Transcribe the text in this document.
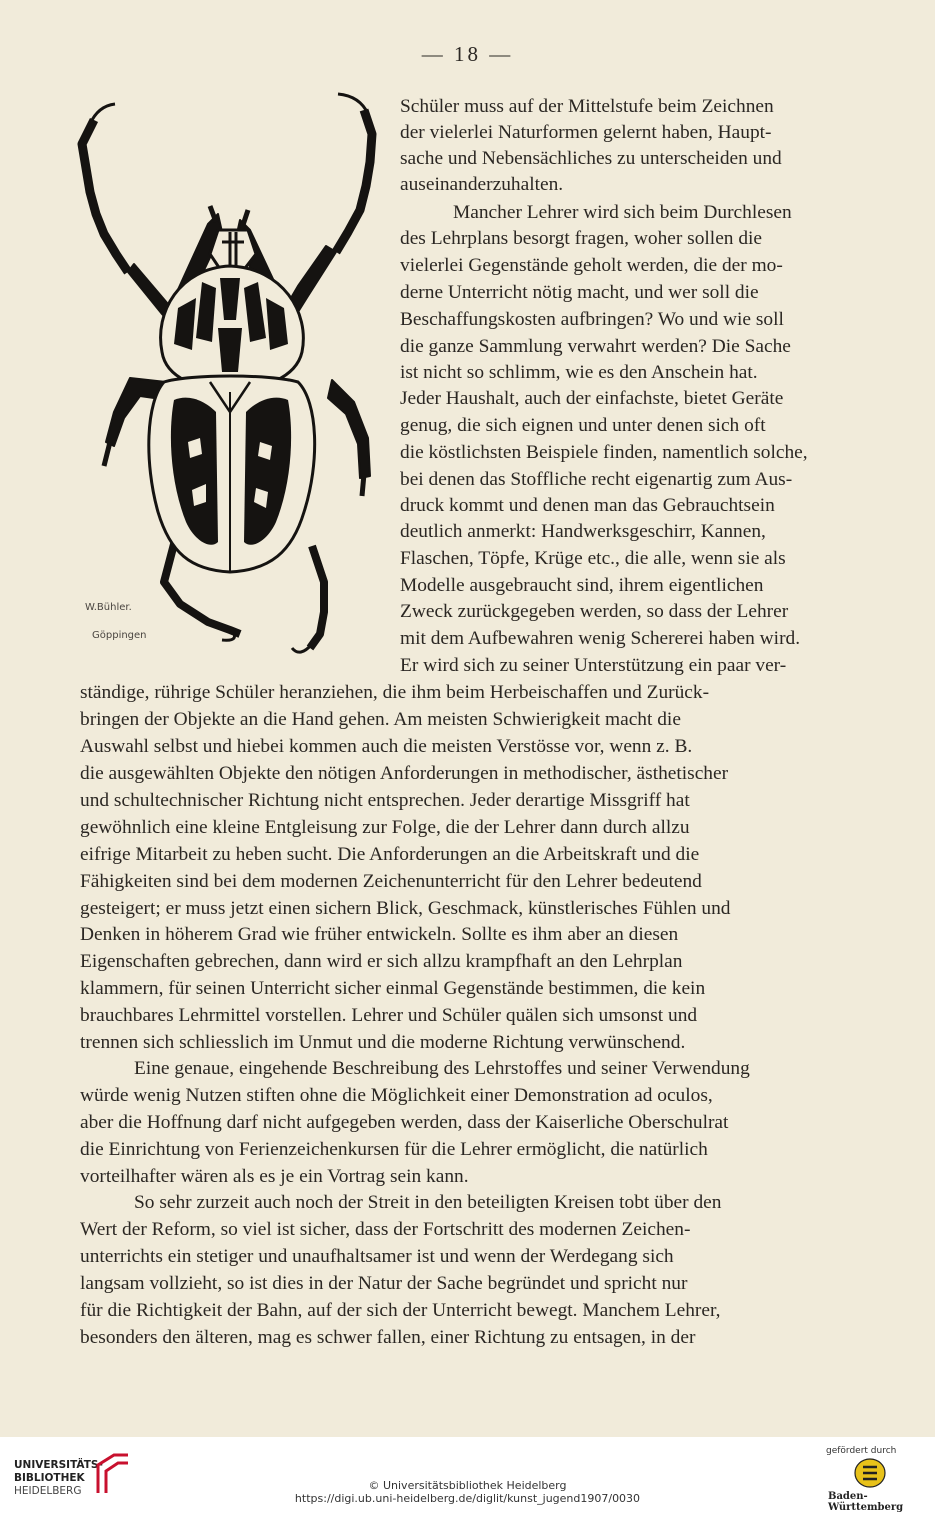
— 18 —
W.Bühler.
Göppingen
Schüler muss auf der Mittelstufe beim Zeichnen
der vielerlei Naturformen gelernt haben, Haupt-
sache und Nebensächliches zu unterscheiden und
auseinanderzuhalten.
Mancher Lehrer wird sich beim Durchlesen
des Lehrplans besorgt fragen, woher sollen die
vielerlei Gegenstände geholt werden, die der mo-
derne Unterricht nötig macht, und wer soll die
Beschaffungskosten aufbringen? Wo und wie soll
die ganze Sammlung verwahrt werden? Die Sache
ist nicht so schlimm, wie es den Anschein hat.
Jeder Haushalt, auch der einfachste, bietet Geräte
genug, die sich eignen und unter denen sich oft
die köstlichsten Beispiele finden, namentlich solche,
bei denen das Stoffliche recht eigenartig zum Aus-
druck kommt und denen man das Gebrauchtsein
deutlich anmerkt: Handwerksgeschirr, Kannen,
Flaschen, Töpfe, Krüge etc., die alle, wenn sie als
Modelle ausgebraucht sind, ihrem eigentlichen
Zweck zurückgegeben werden, so dass der Lehrer
mit dem Aufbewahren wenig Schererei haben wird.
Er wird sich zu seiner Unterstützung ein paar ver-
ständige, rührige Schüler heranziehen, die ihm beim Herbeischaffen und Zurück-
bringen der Objekte an die Hand gehen. Am meisten Schwierigkeit macht die
Auswahl selbst und hiebei kommen auch die meisten Verstösse vor, wenn z. B.
die ausgewählten Objekte den nötigen Anforderungen in methodischer, ästhetischer
und schultechnischer Richtung nicht entsprechen. Jeder derartige Missgriff hat
gewöhnlich eine kleine Entgleisung zur Folge, die der Lehrer dann durch allzu
eifrige Mitarbeit zu heben sucht. Die Anforderungen an die Arbeitskraft und die
Fähigkeiten sind bei dem modernen Zeichenunterricht für den Lehrer bedeutend
gesteigert; er muss jetzt einen sichern Blick, Geschmack, künstlerisches Fühlen und
Denken in höherem Grad wie früher entwickeln. Sollte es ihm aber an diesen
Eigenschaften gebrechen, dann wird er sich allzu krampfhaft an den Lehrplan
klammern, für seinen Unterricht sicher einmal Gegenstände bestimmen, die kein
brauchbares Lehrmittel vorstellen. Lehrer und Schüler quälen sich umsonst und
trennen sich schliesslich im Unmut und die moderne Richtung verwünschend.
Eine genaue, eingehende Beschreibung des Lehrstoffes und seiner Verwendung
würde wenig Nutzen stiften ohne die Möglichkeit einer Demonstration ad oculos,
aber die Hoffnung darf nicht aufgegeben werden, dass der Kaiserliche Oberschulrat
die Einrichtung von Ferienzeichenkursen für die Lehrer ermöglicht, die natürlich
vorteilhafter wären als es je ein Vortrag sein kann.
So sehr zurzeit auch noch der Streit in den beteiligten Kreisen tobt über den
Wert der Reform, so viel ist sicher, dass der Fortschritt des modernen Zeichen-
unterrichts ein stetiger und unaufhaltsamer ist und wenn der Werdegang sich
langsam vollzieht, so ist dies in der Natur der Sache begründet und spricht nur
für die Richtigkeit der Bahn, auf der sich der Unterricht bewegt. Manchem Lehrer,
besonders den älteren, mag es schwer fallen, einer Richtung zu entsagen, in der
UNIVERSITÄTS-
BIBLIOTHEK
HEIDELBERG	© Universitätsbibliothek Heidelberg
https://digi.ub.uni-heidelberg.de/diglit/kunst_jugend1907/0030
gefördert durch
Baden-Württemberg
